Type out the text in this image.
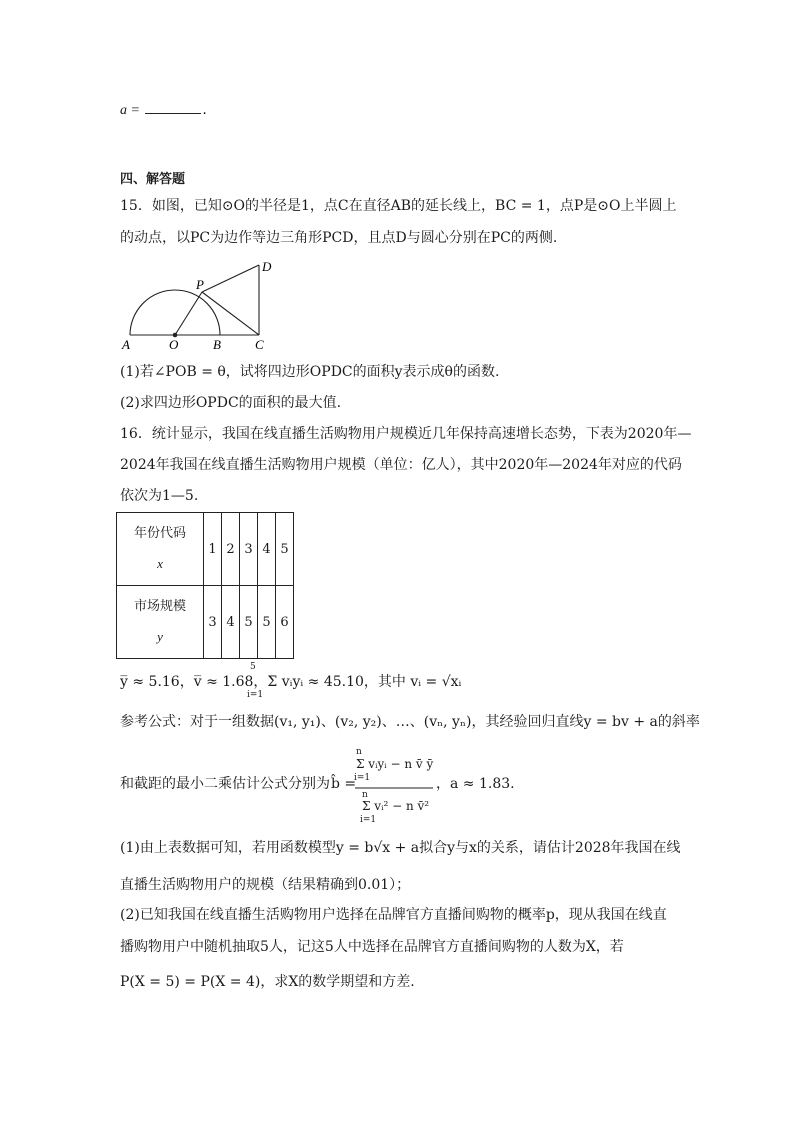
a =	.
四、解答题
15．如图，已知⊙O的半径是1，点C在直径AB的延长线上，BC = 1，点P是⊙O上半圆上
的动点，以PC为边作等边三角形PCD，且点D与圆心分别在PC的两侧.
A	O	B	C
P
D
(1)若∠POB = θ，试将四边形OPDC的面积y表示成θ的函数.
(2)求四边形OPDC的面积的最大值.
16．统计显示，我国在线直播生活购物用户规模近几年保持高速增长态势，下表为2020年—
2024年我国在线直播生活购物用户规模（单位：亿人），其中2020年—2024年对应的代码
依次为1—5.
年份代码
x	1	2	3	4	5
市场规模
y	3	4	5	5	6
5
y̅ ≈ 5.16，v̅ ≈ 1.68，Σ vᵢyᵢ ≈ 45.10，其中 vᵢ = √xᵢ
i=1
参考公式：对于一组数据(v₁, y₁)、(v₂, y₂)、…、(vₙ, yₙ)，其经验回归直线y = bv + a的斜率
和截距的最小二乘估计公式分别为 b̂ =
n
Σ vᵢyᵢ − n v̄ ȳ
i=1
n
Σ vᵢ² − n v̄²
i=1
，a ≈ 1.83.
(1)由上表数据可知，若用函数模型y = b√x + a拟合y与x的关系，请估计2028年我国在线
直播生活购物用户的规模（结果精确到0.01）；
(2)已知我国在线直播生活购物用户选择在品牌官方直播间购物的概率p，现从我国在线直
播购物用户中随机抽取5人，记这5人中选择在品牌官方直播间购物的人数为X，若
P(X = 5) = P(X = 4)，求X的数学期望和方差.
